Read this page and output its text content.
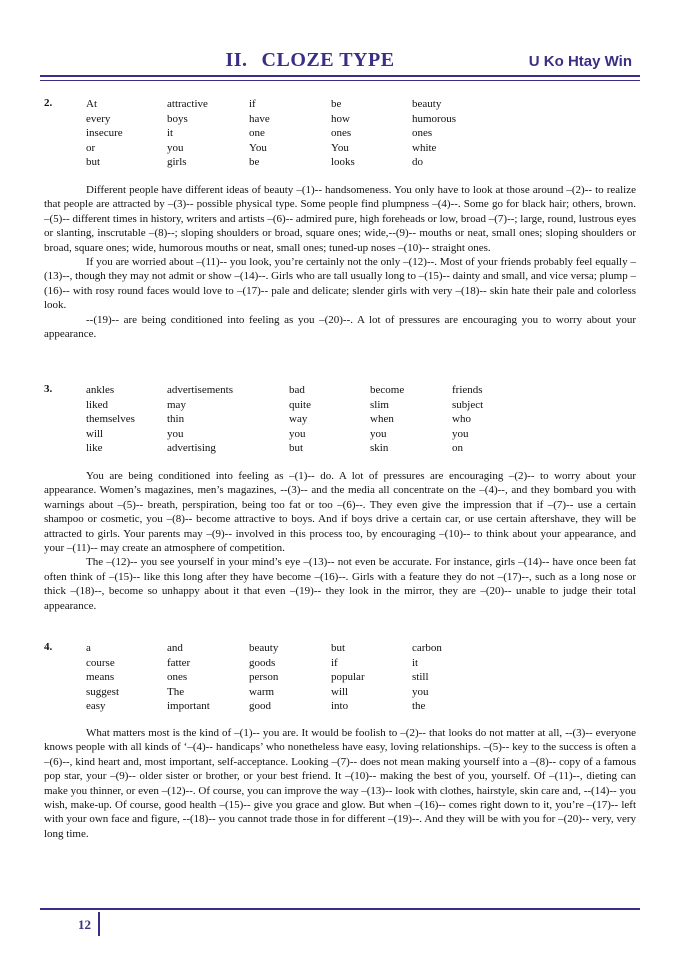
II. CLOZE TYPE	U Ko Htay Win
2.	At	attractive	if	be	beauty
every	boys	have	how	humorous
insecure	it	one	ones	ones
or	you	You	You	white
but	girls	be	looks	do

Different people have different ideas of beauty –(1)-- handsomeness. You only have to look at those around –(2)-- to realize that people are attracted by –(3)-- possible physical type. Some people find plumpness –(4)--. Some go for black hair; others, brown. –(5)-- different times in history, writers and artists –(6)-- admired pure, high foreheads or low, broad –(7)--; large, round, lustrous eyes or slanting, inscrutable –(8)--; sloping shoulders or broad, square ones; wide,--(9)-- mouths or neat, small ones; sloping shoulders or broad, square ones; wide, humorous mouths or neat, small ones; tuned-up noses –(10)-- straight ones.

If you are worried about –(11)-- you look, you’re certainly not the only –(12)--. Most of your friends probably feel equally –(13)--, though they may not admit or show –(14)--. Girls who are tall usually long to –(15)-- dainty and small, and vice versa; plump –(16)-- with rosy round faces would love to –(17)-- pale and delicate; slender girls with very –(18)-- skin hate their pale and colorless look.

--(19)-- are being conditioned into feeling as you –(20)--. A lot of pressures are encouraging you to worry about your appearance.

3.	ankles	advertisements	bad	become	friends
liked	may	quite	slim	subject
themselves	thin	way	when	who
will	you	you	you	you
like	advertising	but	skin	on

You are being conditioned into feeling as –(1)-- do. A lot of pressures are encouraging –(2)-- to worry about your appearance. Women’s magazines, men’s magazines, --(3)-- and the media all concentrate on the –(4)--, and they bombard you with warnings about –(5)-- breath, perspiration, being too fat or too –(6)--. They even give the impression that if –(7)-- use a certain shampoo or cosmetic, you –(8)-- become attractive to boys. And if boys drive a certain car, or use certain aftershave, they will be attracted to girls. Your parents may –(9)-- involved in this process too, by encouraging –(10)-- to think about your appearance, and your –(11)-- may create an atmosphere of competition.

The –(12)-- you see yourself in your mind’s eye –(13)-- not even be accurate. For instance, girls –(14)-- have once been fat often think of –(15)-- like this long after they have become –(16)--. Girls with a feature they do not –(17)--, such as a long nose or thick –(18)--, become so unhappy about it that even –(19)-- they look in the mirror, they are –(20)-- unable to judge their total appearance.

4.	a	and	beauty	but	carbon
course	fatter	goods	if	it
means	ones	person	popular	still
suggest	The	warm	will	you
easy	important	good	into	the

What matters most is the kind of –(1)-- you are. It would be foolish to –(2)-- that looks do not matter at all, --(3)-- everyone knows people with all kinds of ‘–(4)-- handicaps’ who nonetheless have easy, loving relationships. –(5)-- key to the success is often a –(6)--, kind heart and, most important, self-acceptance. Looking –(7)-- does not mean making yourself into a –(8)-- copy of a famous pop star, your –(9)-- older sister or brother, or your best friend. It –(10)-- making the best of you, yourself. Of –(11)--, dieting can make you thinner, or even –(12)--. Of course, you can improve the way –(13)-- look with clothes, hairstyle, skin care and, --(14)-- you wish, make-up. Of course, good health –(15)-- give you grace and glow. But when –(16)-- comes right down to it, you’re –(17)-- left with your own face and figure, --(18)-- you cannot trade those in for different –(19)--. And they will be with you for –(20)-- very, very long time.

12
